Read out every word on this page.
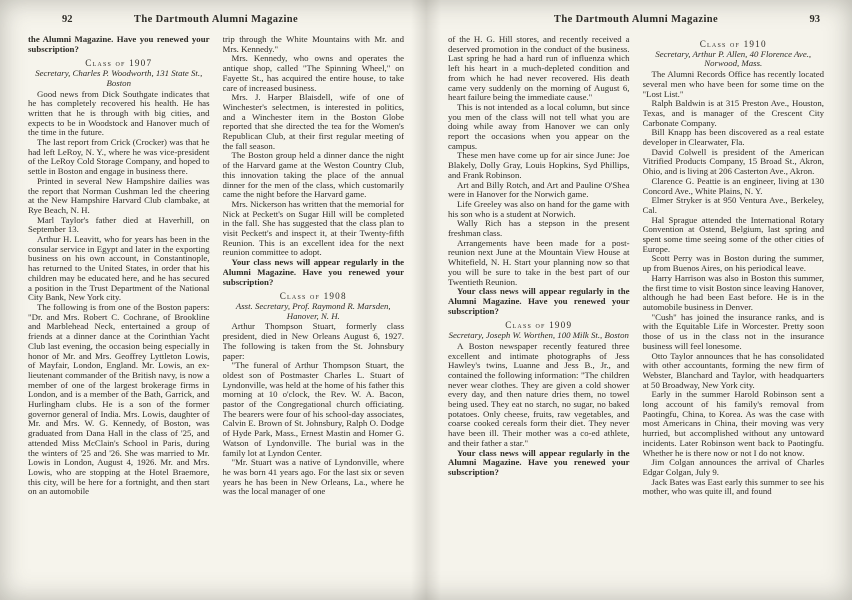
92	The Dartmouth Alumni Magazine

the Alumni Magazine. Have you renewed your subscription?

Class of 1907

Secretary, Charles P. Woodworth, 131 State St., Boston

Good news from Dick Southgate indicates that he has completely recovered his health. He has written that he is through with big cities, and expects to be in Woodstock and Hanover much of the time in the future.

The last report from Crick (Crocker) was that he had left LeRoy, N. Y., where he was vice-president of the LeRoy Cold Storage Company, and hoped to settle in Boston and engage in business there.

Printed in several New Hampshire dailies was the report that Norman Cushman led the cheering at the New Hampshire Harvard Club clambake, at Rye Beach, N. H.

Marl Taylor's father died at Haverhill, on September 13.

Arthur H. Leavitt, who for years has been in the consular service in Egypt and later in the exporting business on his own account, in Constantinople, has returned to the United States, in order that his children may be educated here, and he has secured a position in the Trust Department of the National City Bank, New York city.

The following is from one of the Boston papers: "Dr. and Mrs. Robert C. Cochrane, of Brookline and Marblehead Neck, entertained a group of friends at a dinner dance at the Corinthian Yacht Club last evening, the occasion being especially in honor of Mr. and Mrs. Geoffrey Lyttleton Lowis, of Mayfair, London, England. Mr. Lowis, an ex-lieutenant commander of the British navy, is now a member of one of the largest brokerage firms in London, and is a member of the Bath, Garrick, and Hurlingham clubs. He is a son of the former governor general of India. Mrs. Lowis, daughter of Mr. and Mrs. W. G. Kennedy, of Boston, was graduated from Dana Hall in the class of '25, and attended Miss McClain's School in Paris, during the winters of '25 and '26. She was married to Mr. Lowis in London, August 4, 1926. Mr. and Mrs. Lowis, who are stopping at the Hotel Braemore, this city, will be here for a fortnight, and then start on an automobile

trip through the White Mountains with Mr. and Mrs. Kennedy."

Mrs. Kennedy, who owns and operates the antique shop, called "The Spinning Wheel," on Fayette St., has acquired the entire house, to take care of increased business.

Mrs. J. Harper Blaisdell, wife of one of Winchester's selectmen, is interested in politics, and a Winchester item in the Boston Globe reported that she directed the tea for the Women's Republican Club, at their first regular meeting of the fall season.

The Boston group held a dinner dance the night of the Harvard game at the Weston Country Club, this innovation taking the place of the annual dinner for the men of the class, which customarily came the night before the Harvard game.

Mrs. Nickerson has written that the memorial for Nick at Peckett's on Sugar Hill will be completed in the fall. She has suggested that the class plan to visit Peckett's and inspect it, at their Twenty-fifth Reunion. This is an excellent idea for the next reunion committee to adopt.

Your class news will appear regularly in the Alumni Magazine. Have you renewed your subscription?

Class of 1908

Asst. Secretary, Prof. Raymond R. Marsden, Hanover, N. H.

Arthur Thompson Stuart, formerly class president, died in New Orleans August 6, 1927. The following is taken from the St. Johnsbury paper:

"The funeral of Arthur Thompson Stuart, the oldest son of Postmaster Charles L. Stuart of Lyndonville, was held at the home of his father this morning at 10 o'clock, the Rev. W. A. Bacon, pastor of the Congregational church officiating. The bearers were four of his school-day associates, Calvin E. Brown of St. Johnsbury, Ralph O. Dodge of Hyde Park, Mass., Ernest Mastin and Homer G. Watson of Lyndonville. The burial was in the family lot at Lyndon Center.

"Mr. Stuart was a native of Lyndonville, where he was born 41 years ago. For the last six or seven years he has been in New Orleans, La., where he was the local manager of one

The Dartmouth Alumni Magazine	93

of the H. G. Hill stores, and recently received a deserved promotion in the conduct of the business. Last spring he had a hard run of influenza which left his heart in a much-depleted condition and from which he had never recovered. His death came very suddenly on the morning of August 6, heart failure being the immediate cause."

This is not intended as a local column, but since you men of the class will not tell what you are doing while away from Hanover we can only report the occasions when you appear on the campus.

These men have come up for air since June: Joe Blakely, Dolly Gray, Louis Hopkins, Syd Phillips, and Frank Robinson.

Art and Billy Rotch, and Art and Pauline O'Shea were in Hanover for the Norwich game.

Life Greeley was also on hand for the game with his son who is a student at Norwich.

Wally Rich has a stepson in the present freshman class.

Arrangements have been made for a post-reunion next June at the Mountain View House at Whitefield, N. H. Start your planning now so that you will be sure to take in the best part of our Twentieth Reunion.

Your class news will appear regularly in the Alumni Magazine. Have you renewed your subscription?

Class of 1909

Secretary, Joseph W. Worthen, 100 Milk St., Boston

A Boston newspaper recently featured three excellent and intimate photographs of Jess Hawley's twins, Luanne and Jess B., Jr., and contained the following information: "The children never wear clothes. They are given a cold shower every day, and then nature dries them, no towel being used. They eat no starch, no sugar, no baked potatoes. Only cheese, fruits, raw vegetables, and coarse cooked cereals form their diet. They never have been ill. Their mother was a co-ed athlete, and their father a star."

Your class news will appear regularly in the Alumni Magazine. Have you renewed your subscription?

Class of 1910

Secretary, Arthur P. Allen, 40 Florence Ave., Norwood, Mass.

The Alumni Records Office has recently located several men who have been for some time on the "Lost List."

Ralph Baldwin is at 315 Preston Ave., Houston, Texas, and is manager of the Crescent City Carbonate Company.

Bill Knapp has been discovered as a real estate developer in Clearwater, Fla.

David Colwell is president of the American Vitrified Products Company, 15 Broad St., Akron, Ohio, and is living at 206 Casterton Ave., Akron.

Clarence G. Peattie is an engineer, living at 130 Concord Ave., White Plains, N. Y.

Elmer Stryker is at 950 Ventura Ave., Berkeley, Cal.

Hal Sprague attended the International Rotary Convention at Ostend, Belgium, last spring and spent some time seeing some of the other cities of Europe.

Scott Perry was in Boston during the summer, up from Buenos Aires, on his periodical leave.

Harry Harrison was also in Boston this summer, the first time to visit Boston since leaving Hanover, although he had been East before. He is in the automobile business in Denver.

"Cush" has joined the insurance ranks, and is with the Equitable Life in Worcester. Pretty soon those of us in the class not in the insurance business will feel lonesome.

Otto Taylor announces that he has consolidated with other accountants, forming the new firm of Webster, Blanchard and Taylor, with headquarters at 50 Broadway, New York city.

Early in the summer Harold Robinson sent a long account of his family's removal from Paotingfu, China, to Korea. As was the case with most Americans in China, their moving was very hurried, but accomplished without any untoward incidents. Later Robinson went back to Paotingfu. Whether he is there now or not I do not know.

Jim Colgan announces the arrival of Charles Edgar Colgan, July 9.

Jack Bates was East early this summer to see his mother, who was quite ill, and found
